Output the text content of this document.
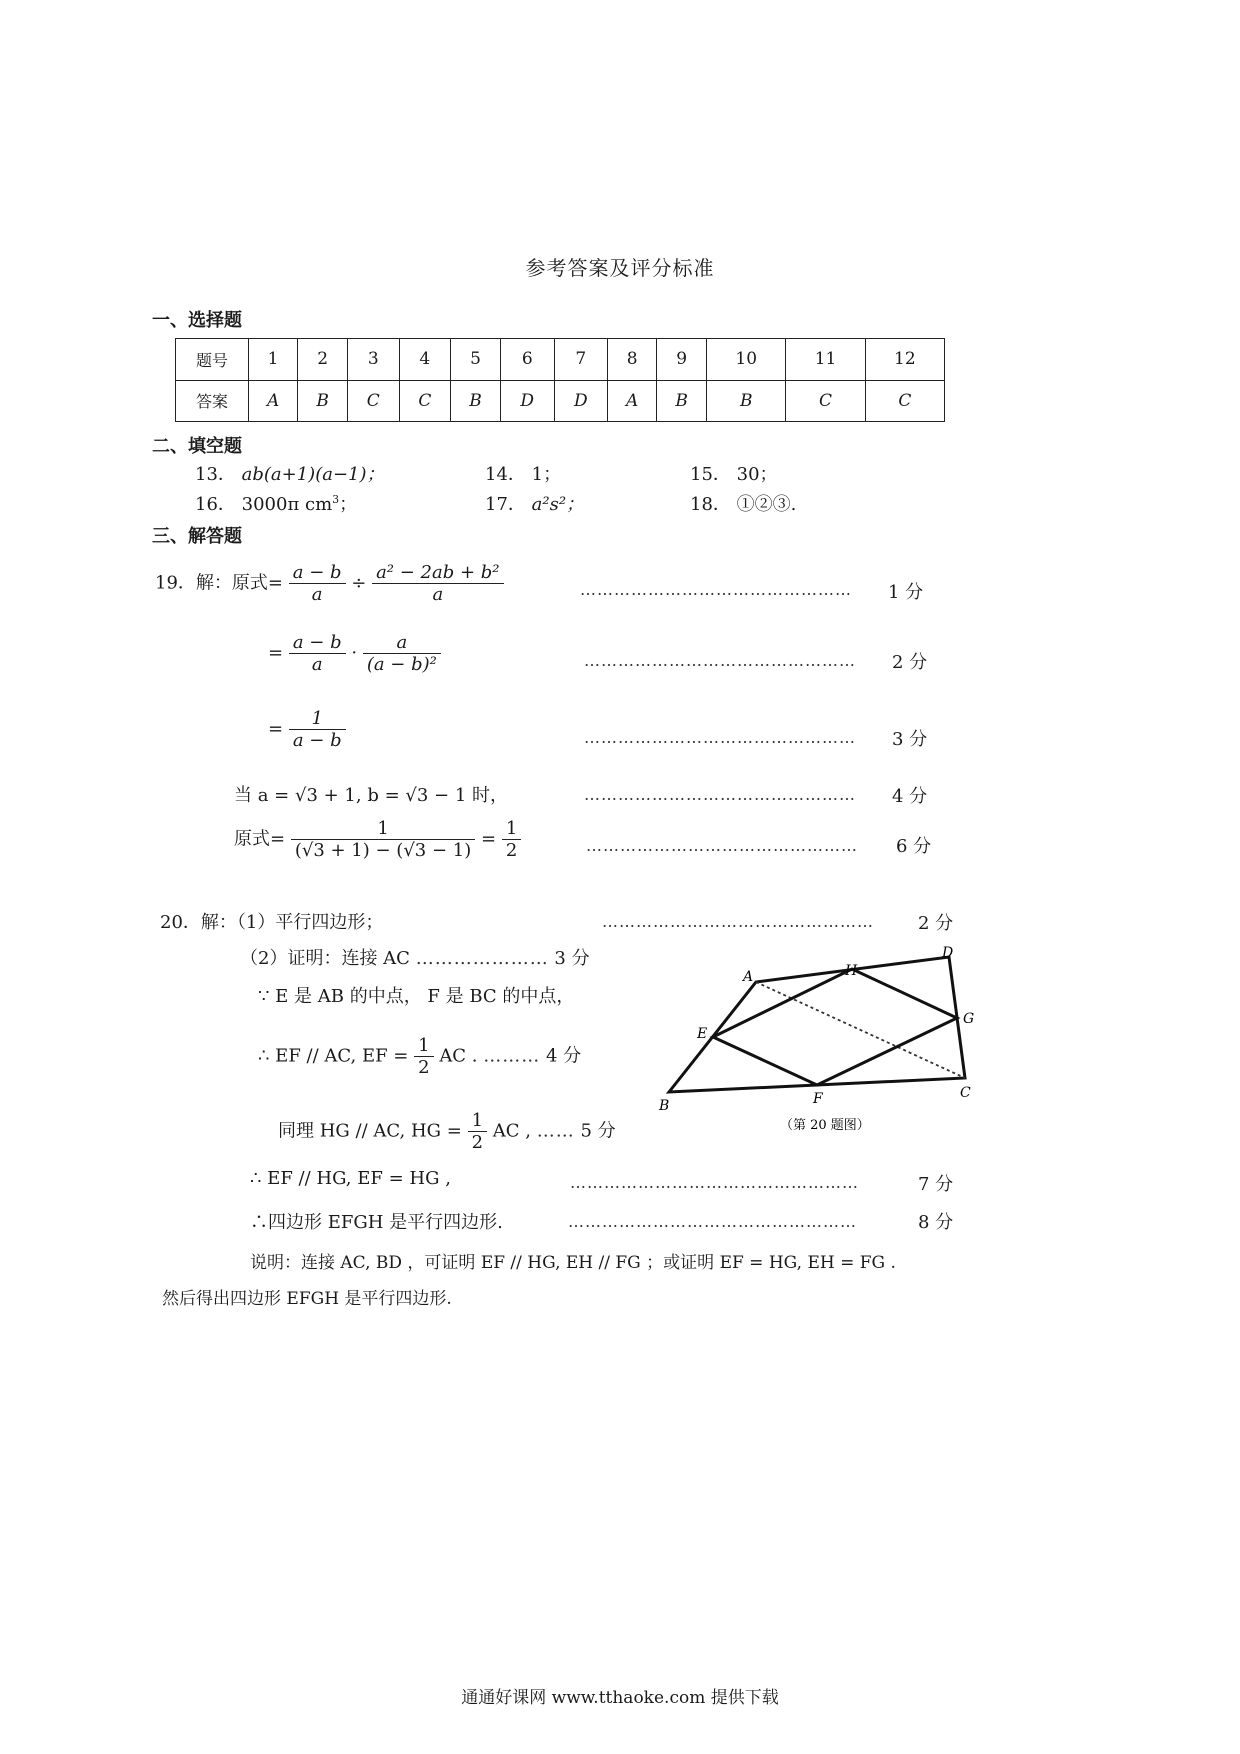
参考答案及评分标准
一、选择题
题号	1	2	3	4	5	6	7	8	9	10	11	12
答案	A	B	C	C	B	D	D	A	B	B	C	C
二、填空题
13． ab(a+1)(a−1)；	14． 1；	15． 30；
16． 3000π $cm^3$；	17． a²s²；	18． ①②③.
三、解答题
19．解：原式= $\frac{a - b}{a} \div \frac{\text{a² − 2ab + b²}}{a}$	………………………………………… 1 分
= $\frac{a - b}{a} \cdot \frac{a}{\text{(a − b)²}}$	………………………………………… 2 分
= $\frac{1}{a - b}$	………………………………………… 3 分
当 a = √3 + 1, b = √3 − 1 时，	………………………………………… 4 分
原式= $\frac{1}{(√3 + 1) - (√3 - 1)} = \frac{1}{2}$	………………………………………… 6 分
20．解：（1）平行四边形；	………………………………………… 2 分
（2）证明：连接 AC ………………… 3 分
∵ E 是 AB 的中点， F 是 BC 的中点，
∴ EF // AC, EF = $\frac{1}{2}$ AC . ……… 4 分
同理 HG // AC, HG = $\frac{1}{2}$ AC , …… 5 分
∴ EF // HG, EF = HG ,	……………………………………………	7 分
∴四边形 EFGH 是平行四边形.	……………………………………………	8 分
说明：连接 AC, BD ，可证明 EF // HG, EH // FG ；或证明 EF = HG, EH = FG .
然后得出四边形 EFGH 是平行四边形.
A
B
C
D
E
F
G
H
（第 20 题图）
通通好课网 www.tthaoke.com 提供下载
